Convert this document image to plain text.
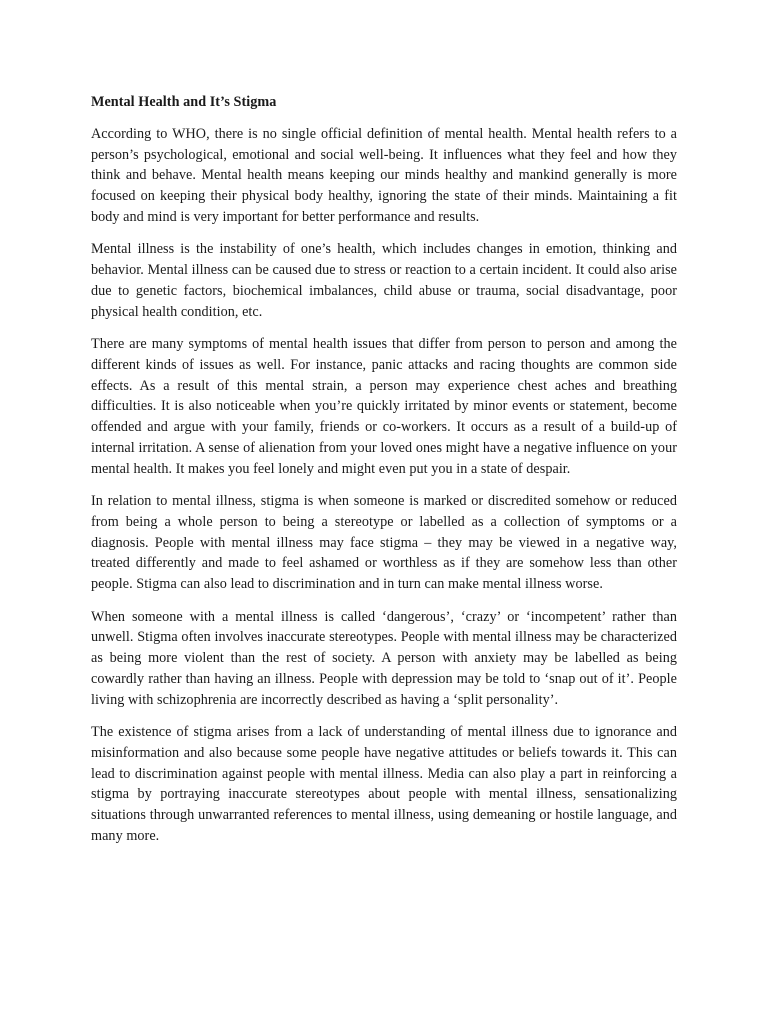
Mental Health and It’s Stigma

According to WHO, there is no single official definition of mental health. Mental health refers to a person’s psychological, emotional and social well-being. It influences what they feel and how they think and behave. Mental health means keeping our minds healthy and mankind generally is more focused on keeping their physical body healthy, ignoring the state of their minds. Maintaining a fit body and mind is very important for better performance and results.

Mental illness is the instability of one’s health, which includes changes in emotion, thinking and behavior. Mental illness can be caused due to stress or reaction to a certain incident. It could also arise due to genetic factors, biochemical imbalances, child abuse or trauma, social disadvantage, poor physical health condition, etc.

There are many symptoms of mental health issues that differ from person to person and among the different kinds of issues as well. For instance, panic attacks and racing thoughts are common side effects. As a result of this mental strain, a person may experience chest aches and breathing difficulties. It is also noticeable when you’re quickly irritated by minor events or statement, become offended and argue with your family, friends or co-workers. It occurs as a result of a build-up of internal irritation. A sense of alienation from your loved ones might have a negative influence on your mental health. It makes you feel lonely and might even put you in a state of despair.

In relation to mental illness, stigma is when someone is marked or discredited somehow or reduced from being a whole person to being a stereotype or labelled as a collection of symptoms or a diagnosis. People with mental illness may face stigma – they may be viewed in a negative way, treated differently and made to feel ashamed or worthless as if they are somehow less than other people. Stigma can also lead to discrimination and in turn can make mental illness worse.

When someone with a mental illness is called ‘dangerous’, ‘crazy’ or ‘incompetent’ rather than unwell. Stigma often involves inaccurate stereotypes. People with mental illness may be characterized as being more violent than the rest of society. A person with anxiety may be labelled as being cowardly rather than having an illness. People with depression may be told to ‘snap out of it’. People living with schizophrenia are incorrectly described as having a ‘split personality’.

The existence of stigma arises from a lack of understanding of mental illness due to ignorance and misinformation and also because some people have negative attitudes or beliefs towards it. This can lead to discrimination against people with mental illness. Media can also play a part in reinforcing a stigma by portraying inaccurate stereotypes about people with mental illness, sensationalizing situations through unwarranted references to mental illness, using demeaning or hostile language, and many more.
